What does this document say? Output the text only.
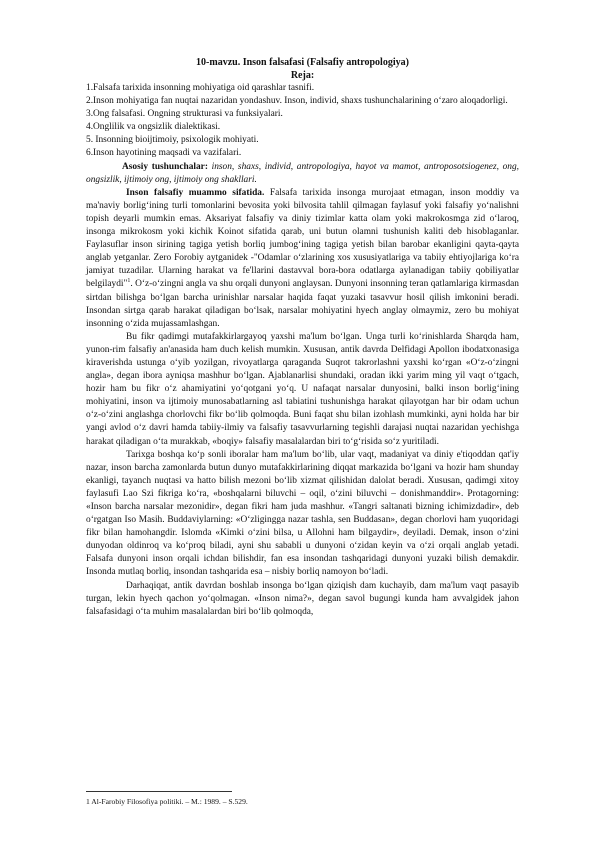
10-mavzu. Inson falsafasi (Falsafiy antropologiya)
Reja:
1.Falsafa tarixida insonning mohiyatiga oid qarashlar tasnifi.
2.Inson mohiyatiga fan nuqtai nazaridan yondashuv. Inson, individ, shaxs tushunchalarining o‘zaro aloqadorligi.
3.Ong falsafasi. Ongning strukturasi va funksiyalari.
4.Onglilik va ongsizlik dialektikasi.
5. Insonning bioijtimoiy, psixologik mohiyati.
6.Inson hayotining maqsadi va vazifalari.

Asosiy tushunchalar: inson, shaxs, individ, antropologiya, hayot va mamot, antroposotsiogenez, ong, ongsizlik, ijtimoiy ong, ijtimoiy ong shakllari.

Inson falsafiy muammo sifatida. Falsafa tarixida insonga murojaat etmagan, inson moddiy va ma'naviy borlig‘ining turli tomonlarini bevosita yoki bilvosita tahlil qilmagan faylasuf yoki falsafiy yo‘nalishni topish deyarli mumkin emas. Aksariyat falsafiy va diniy tizimlar katta olam yoki makrokosmga zid o‘laroq, insonga mikrokosm yoki kichik Koinot sifatida qarab, uni butun olamni tushunish kaliti deb hisoblaganlar. Faylasuflar inson sirining tagiga yetish borliq jumbog‘ining tagiga yetish bilan barobar ekanligini qayta-qayta anglab yetganlar. Zero Forobiy aytganidek -"Odamlar o‘zlarining xos xususiyatlariga va tabiiy ehtiyojlariga ko‘ra jamiyat tuzadilar. Ularning harakat va fe'llarini dastavval bora-bora odatlarga aylanadigan tabiiy qobiliyatlar belgilaydi"$^1$. O‘z-o‘zingni angla va shu orqali dunyoni anglaysan. Dunyoni insonning teran qatlamlariga kirmasdan sirtdan bilishga bo‘lgan barcha urinishlar narsalar haqida faqat yuzaki tasavvur hosil qilish imkonini beradi. Insondan sirtga qarab harakat qiladigan bo‘lsak, narsalar mohiyatini hyech anglay olmaymiz, zero bu mohiyat insonning o‘zida mujassamlashgan.

Bu fikr qadimgi mutafakkirlargayoq yaxshi ma'lum bo‘lgan. Unga turli ko‘rinishlarda Sharqda ham, yunon-rim falsafiy an'anasida ham duch kelish mumkin. Xususan, antik davrda Delfidagi Apollon ibodatxonasiga kiraverishda ustunga o‘yib yozilgan, rivoyatlarga qaraganda Suqrot takrorlashni yaxshi ko‘rgan «O‘z-o‘zingni angla», degan ibora ayniqsa mashhur bo‘lgan. Ajablanarlisi shundaki, oradan ikki yarim ming yil vaqt o‘tgach, hozir ham bu fikr o‘z ahamiyatini yo‘qotgani yo‘q. U nafaqat narsalar dunyosini, balki inson borlig‘ining mohiyatini, inson va ijtimoiy munosabatlarning asl tabiatini tushunishga harakat qilayotgan har bir odam uchun o‘z-o‘zini anglashga chorlovchi fikr bo‘lib qolmoqda. Buni faqat shu bilan izohlash mumkinki, ayni holda har bir yangi avlod o‘z davri hamda tabiiy-ilmiy va falsafiy tasavvurlarning tegishli darajasi nuqtai nazaridan yechishga harakat qiladigan o‘ta murakkab, «boqiy» falsafiy masalalardan biri to‘g‘risida so‘z yuritiladi.

Tarixga boshqa ko‘p sonli iboralar ham ma'lum bo‘lib, ular vaqt, madaniyat va diniy e'tiqoddan qat'iy nazar, inson barcha zamonlarda butun dunyo mutafakkirlarining diqqat markazida bo‘lgani va hozir ham shunday ekanligi, tayanch nuqtasi va hatto bilish mezoni bo‘lib xizmat qilishidan dalolat beradi. Xususan, qadimgi xitoy faylasufi Lao Szi fikriga ko‘ra, «boshqalarni biluvchi – oqil, o‘zini biluvchi – donishmanddir». Protagorning: «Inson barcha narsalar mezonidir», degan fikri ham juda mashhur. «Tangri saltanati bizning ichimizdadir», deb o‘rgatgan Iso Masih. Buddaviylarning: «O‘zligingga nazar tashla, sen Buddasan», degan chorlovi ham yuqoridagi fikr bilan hamohangdir. Islomda «Kimki o‘zini bilsa, u Allohni ham bilgaydir», deyiladi. Demak, inson o‘zini dunyodan oldinroq va ko‘proq biladi, ayni shu sababli u dunyoni o‘zidan keyin va o‘zi orqali anglab yetadi. Falsafa dunyoni inson orqali ichdan bilishdir, fan esa insondan tashqaridagi dunyoni yuzaki bilish demakdir. Insonda mutlaq borliq, insondan tashqarida esa – nisbiy borliq namoyon bo‘ladi.

Darhaqiqat, antik davrdan boshlab insonga bo‘lgan qiziqish dam kuchayib, dam ma'lum vaqt pasayib turgan, lekin hyech qachon yo‘qolmagan. «Inson nima?», degan savol bugungi kunda ham avvalgidek jahon falsafasidagi o‘ta muhim masalalardan biri bo‘lib qolmoqda,

1 Al-Farobiy Filosofiya politiki. – M.: 1989. – S.529.
